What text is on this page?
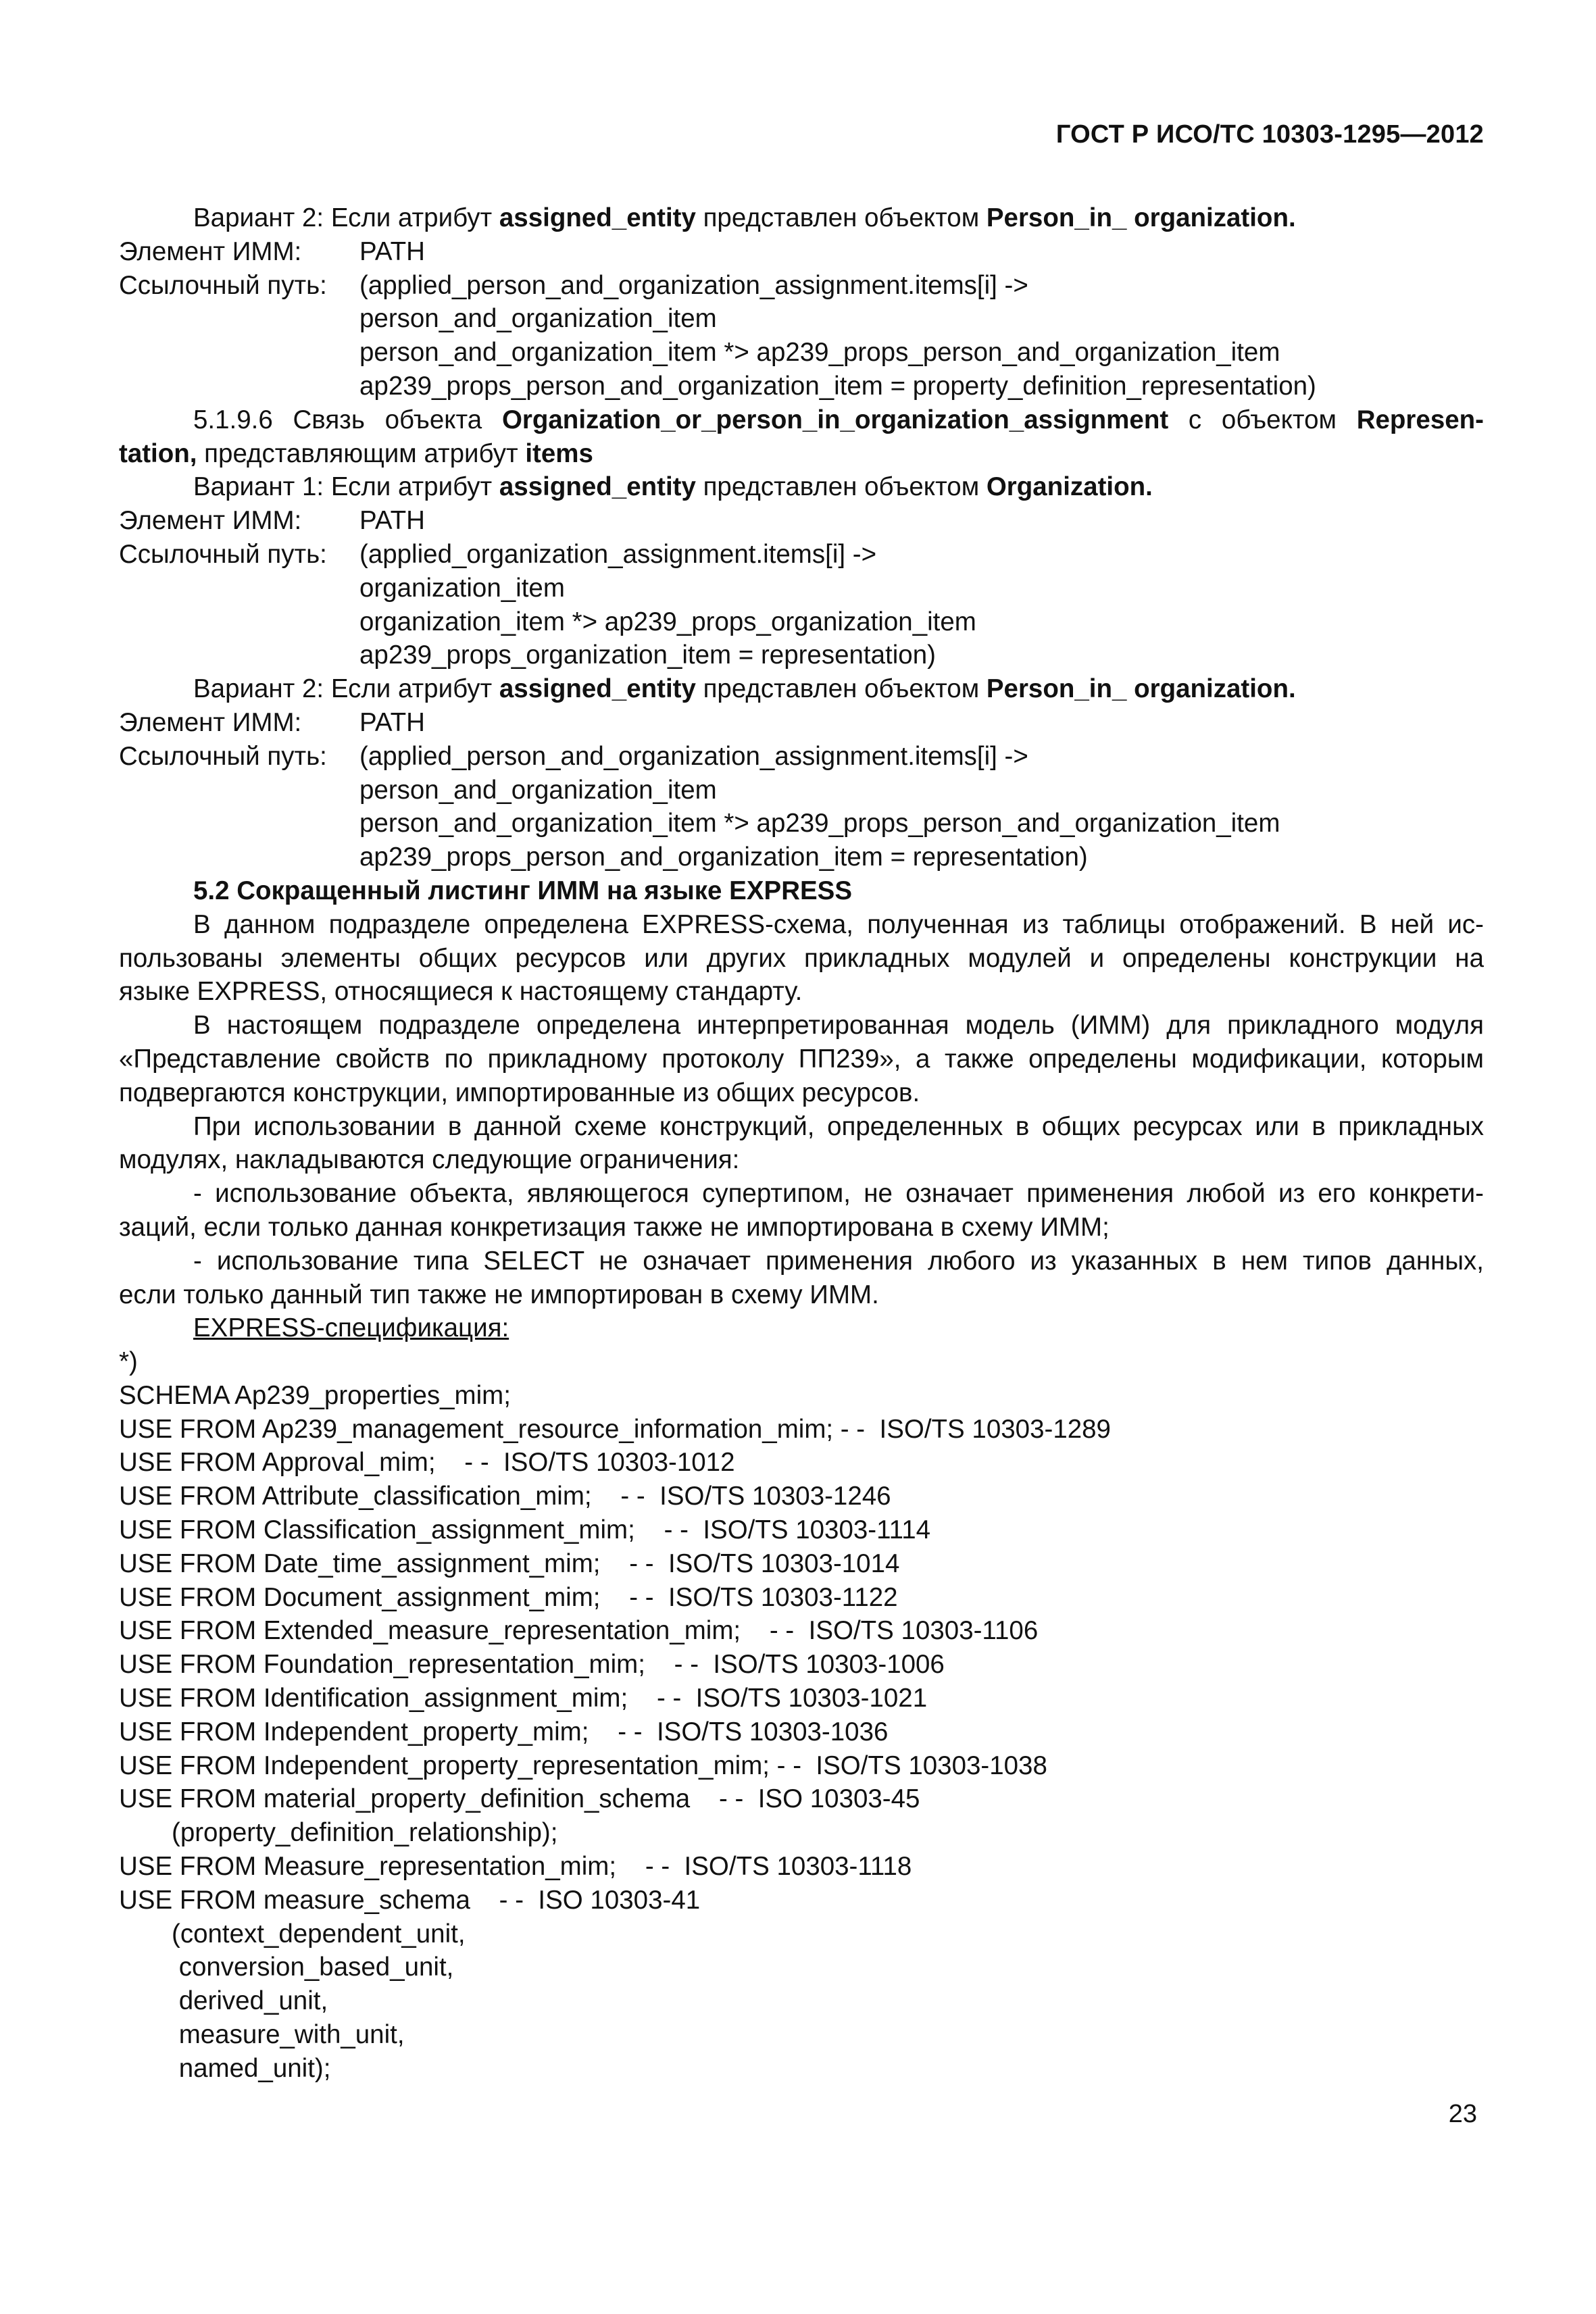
ГОСТ Р ИСО/ТС 10303-1295—2012
Вариант 2: Если атрибут assigned_entity представлен объектом Person_in_ organization.
Элемент ИММ:	PATH
Ссылочный путь:	(applied_person_and_organization_assignment.items[i] ->
person_and_organization_item
person_and_organization_item *> ap239_props_person_and_organization_item
ap239_props_person_and_organization_item = property_definition_representation)
5.1.9.6 Связь объекта Organization_or_person_in_organization_assignment с объектом Represen-
tation, представляющим атрибут items
Вариант 1: Если атрибут assigned_entity представлен объектом Organization.
Элемент ИММ:	PATH
Ссылочный путь:	(applied_organization_assignment.items[i] ->
organization_item
organization_item *> ap239_props_organization_item
ap239_props_organization_item = representation)
Вариант 2: Если атрибут assigned_entity представлен объектом Person_in_ organization.
Элемент ИММ:	PATH
Ссылочный путь:	(applied_person_and_organization_assignment.items[i] ->
person_and_organization_item
person_and_organization_item *> ap239_props_person_and_organization_item
ap239_props_person_and_organization_item = representation)
5.2 Сокращенный листинг ИММ на языке EXPRESS
В данном подразделе определена EXPRESS-схема, полученная из таблицы отображений. В ней ис-
пользованы элементы общих ресурсов или других прикладных модулей и определены конструкции на
языке EXPRESS, относящиеся к настоящему стандарту.
В настоящем подразделе определена интерпретированная модель (ИММ) для прикладного модуля
«Представление свойств по прикладному протоколу ПП239», а также определены модификации, которым
подвергаются конструкции, импортированные из общих ресурсов.
При использовании в данной схеме конструкций, определенных в общих ресурсах или в прикладных
модулях, накладываются следующие ограничения:
- использование объекта, являющегося супертипом, не означает применения любой из его конкрети-
заций, если только данная конкретизация также не импортирована в схему ИММ;
- использование типа SELECT не означает применения любого из указанных в нем типов данных,
если только данный тип также не импортирован в схему ИММ.
EXPRESS-спецификация:
*)
SCHEMA Ap239_properties_mim;
USE FROM Ap239_management_resource_information_mim; - -  ISO/TS 10303-1289
USE FROM Approval_mim;    - -  ISO/TS 10303-1012
USE FROM Attribute_classification_mim;    - -  ISO/TS 10303-1246
USE FROM Classification_assignment_mim;    - -  ISO/TS 10303-1114
USE FROM Date_time_assignment_mim;    - -  ISO/TS 10303-1014
USE FROM Document_assignment_mim;    - -  ISO/TS 10303-1122
USE FROM Extended_measure_representation_mim;    - -  ISO/TS 10303-1106
USE FROM Foundation_representation_mim;    - -  ISO/TS 10303-1006
USE FROM Identification_assignment_mim;    - -  ISO/TS 10303-1021
USE FROM Independent_property_mim;    - -  ISO/TS 10303-1036
USE FROM Independent_property_representation_mim; - -  ISO/TS 10303-1038
USE FROM material_property_definition_schema    - -  ISO 10303-45
(property_definition_relationship);
USE FROM Measure_representation_mim;    - -  ISO/TS 10303-1118
USE FROM measure_schema    - -  ISO 10303-41
(context_dependent_unit,
conversion_based_unit,
derived_unit,
measure_with_unit,
named_unit);
23
